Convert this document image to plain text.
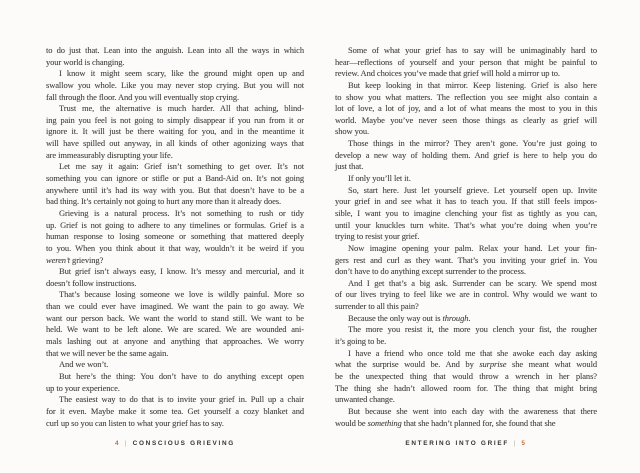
to do just that. Lean into the anguish. Lean into all the ways in which
your world is changing.
I know it might seem scary, like the ground might open up and
swallow you whole. Like you may never stop crying. But you will not
fall through the floor. And you will eventually stop crying.
Trust me, the alternative is much harder. All that aching, blind-
ing pain you feel is not going to simply disappear if you run from it or
ignore it. It will just be there waiting for you, and in the meantime it
will have spilled out anyway, in all kinds of other agonizing ways that
are immeasurably disrupting your life.
Let me say it again: Grief isn’t something to get over. It’s not
something you can ignore or stifle or put a Band-Aid on. It’s not going
anywhere until it’s had its way with you. But that doesn’t have to be a
bad thing. It’s certainly not going to hurt any more than it already does.
Grieving is a natural process. It’s not something to rush or tidy
up. Grief is not going to adhere to any timelines or formulas. Grief is a
human response to losing someone or something that mattered deeply
to you. When you think about it that way, wouldn’t it be weird if you
weren’t grieving?
But grief isn’t always easy, I know. It’s messy and mercurial, and it
doesn’t follow instructions.
That’s because losing someone we love is wildly painful. More so
than we could ever have imagined. We want the pain to go away. We
want our person back. We want the world to stand still. We want to be
held. We want to be left alone. We are scared. We are wounded ani-
mals lashing out at anyone and anything that approaches. We worry
that we will never be the same again.
And we won’t.
But here’s the thing: You don’t have to do anything except open
up to your experience.
The easiest way to do that is to invite your grief in. Pull up a chair
for it even. Maybe make it some tea. Get yourself a cozy blanket and
curl up so you can listen to what your grief has to say.
Some of what your grief has to say will be unimaginably hard to
hear—reflections of yourself and your person that might be painful to
review. And choices you’ve made that grief will hold a mirror up to.
But keep looking in that mirror. Keep listening. Grief is also here
to show you what matters. The reflection you see might also contain a
lot of love, a lot of joy, and a lot of what means the most to you in this
world. Maybe you’ve never seen those things as clearly as grief will
show you.
Those things in the mirror? They aren’t gone. You’re just going to
develop a new way of holding them. And grief is here to help you do
just that.
If only you’ll let it.
So, start here. Just let yourself grieve. Let yourself open up. Invite
your grief in and see what it has to teach you. If that still feels impos-
sible, I want you to imagine clenching your fist as tightly as you can,
until your knuckles turn white. That’s what you’re doing when you’re
trying to resist your grief.
Now imagine opening your palm. Relax your hand. Let your fin-
gers rest and curl as they want. That’s you inviting your grief in. You
don’t have to do anything except surrender to the process.
And I get that’s a big ask. Surrender can be scary. We spend most
of our lives trying to feel like we are in control. Why would we want to
surrender to all this pain?
Because the only way out is through.
The more you resist it, the more you clench your fist, the rougher
it’s going to be.
I have a friend who once told me that she awoke each day asking
what the surprise would be. And by surprise she meant what would
be the unexpected thing that would throw a wrench in her plans?
The thing she hadn’t allowed room for. The thing that might bring
unwanted change.
But because she went into each day with the awareness that there
would be something that she hadn’t planned for, she found that she
4 | CONSCIOUS GRIEVING	ENTERING INTO GRIEF | 5
